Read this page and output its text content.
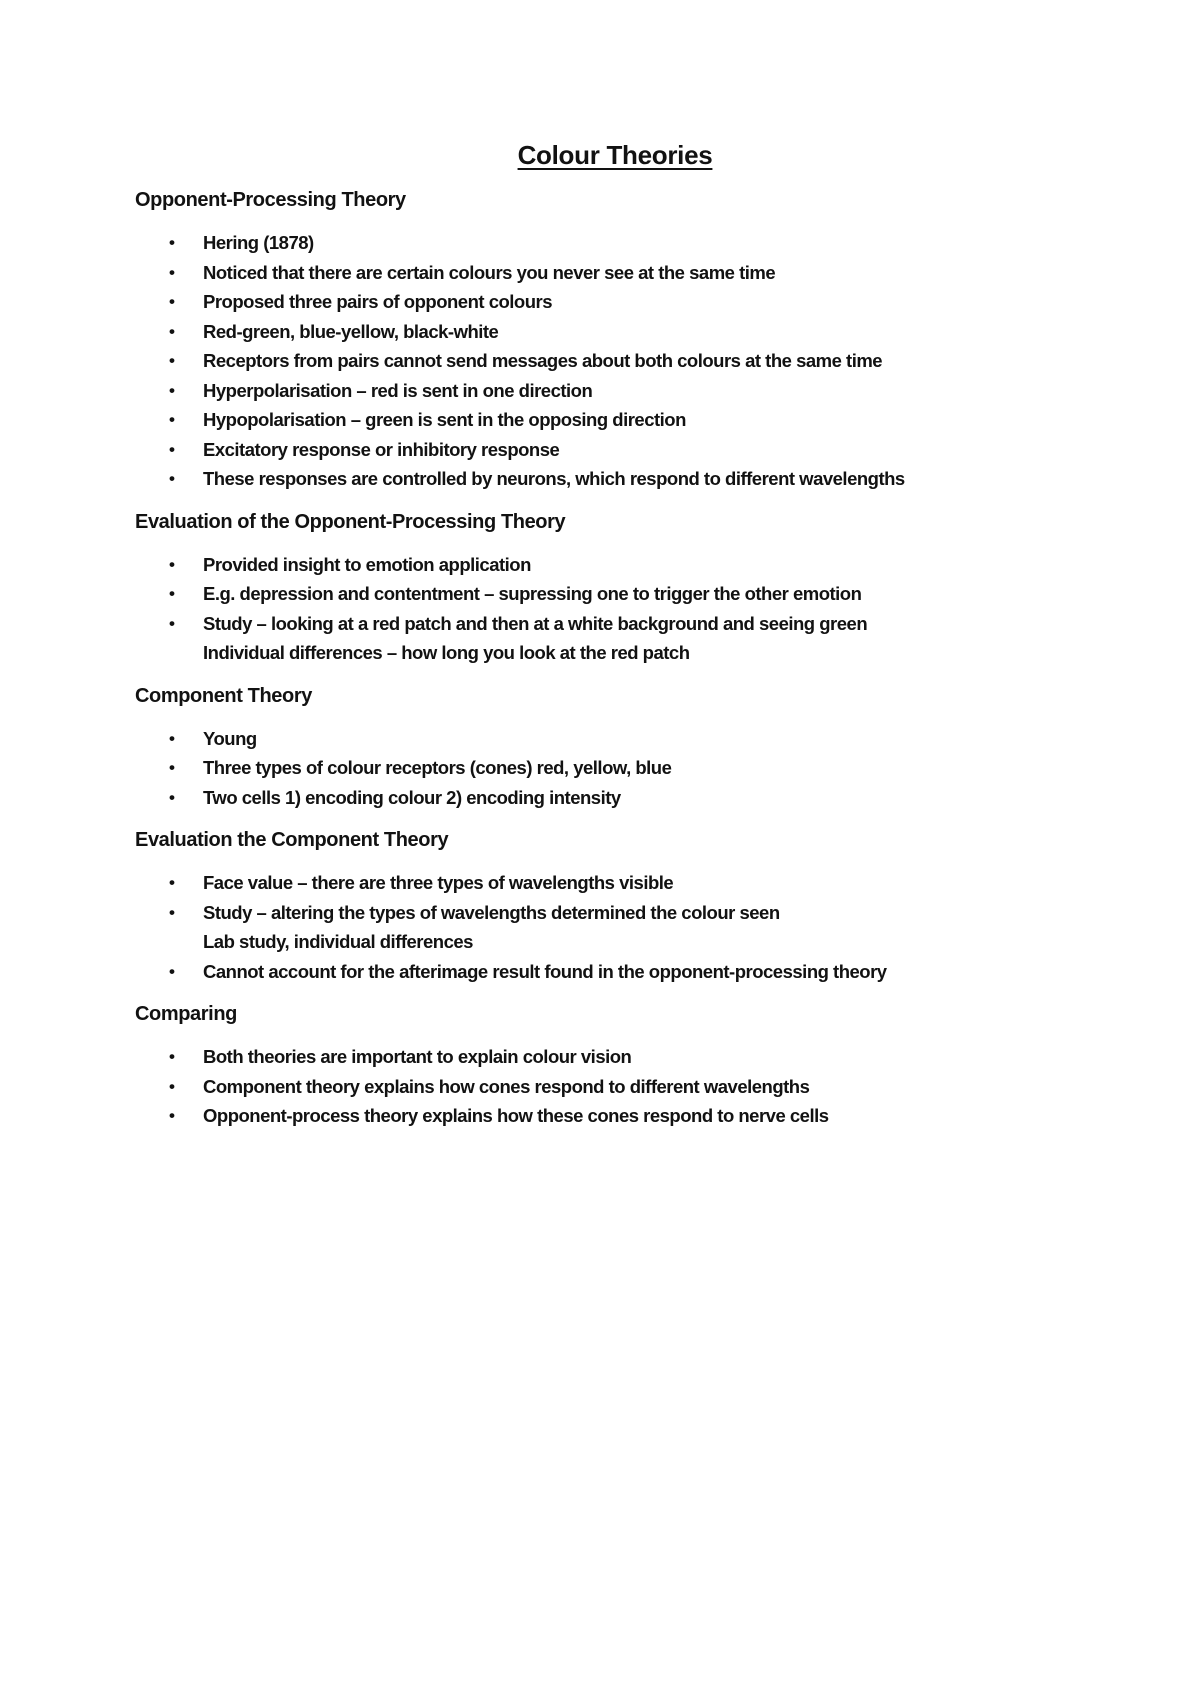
Colour Theories
Opponent-Processing Theory
• Hering (1878)
• Noticed that there are certain colours you never see at the same time
• Proposed three pairs of opponent colours
• Red-green, blue-yellow, black-white
• Receptors from pairs cannot send messages about both colours at the same time
• Hyperpolarisation – red is sent in one direction
• Hypopolarisation – green is sent in the opposing direction
• Excitatory response or inhibitory response
• These responses are controlled by neurons, which respond to different wavelengths
Evaluation of the Opponent-Processing Theory
• Provided insight to emotion application
• E.g. depression and contentment – supressing one to trigger the other emotion
• Study – looking at a red patch and then at a white background and seeing green
Individual differences – how long you look at the red patch
Component Theory
• Young
• Three types of colour receptors (cones) red, yellow, blue
• Two cells 1) encoding colour 2) encoding intensity
Evaluation the Component Theory
• Face value – there are three types of wavelengths visible
• Study – altering the types of wavelengths determined the colour seen
Lab study, individual differences
• Cannot account for the afterimage result found in the opponent-processing theory
Comparing
• Both theories are important to explain colour vision
• Component theory explains how cones respond to different wavelengths
• Opponent-process theory explains how these cones respond to nerve cells
